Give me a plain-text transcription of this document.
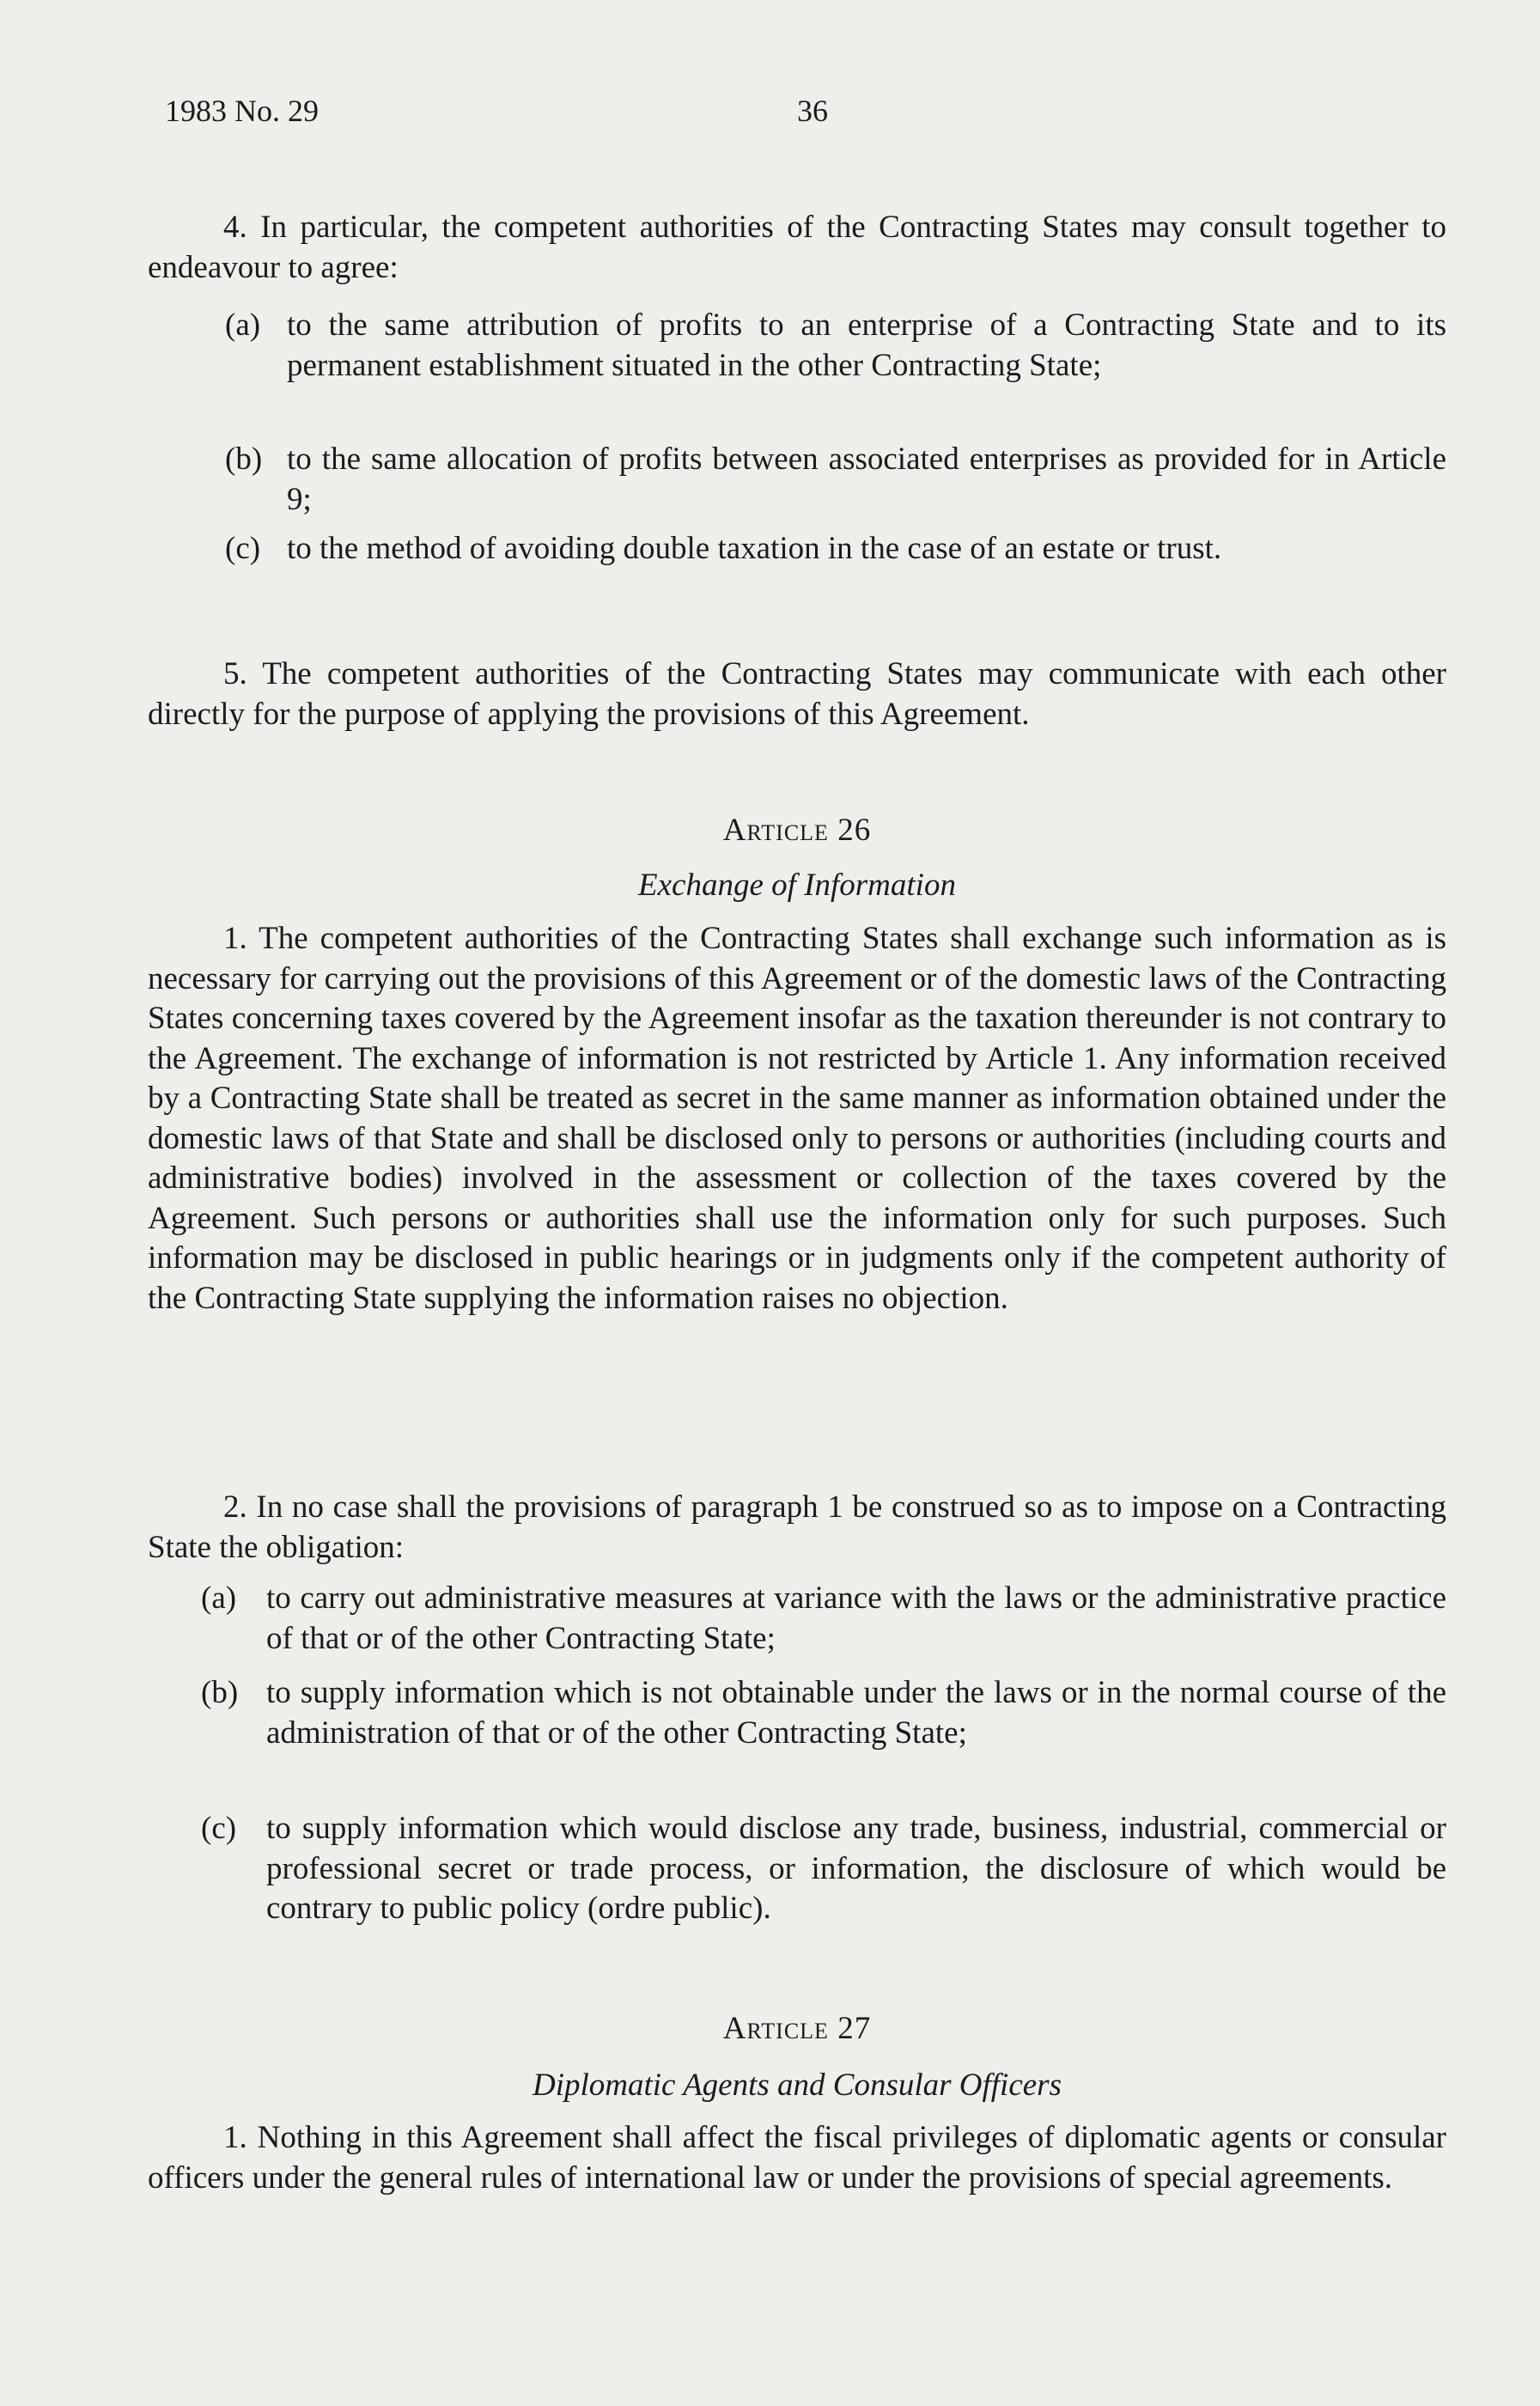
1983 No. 29	36

4. In particular, the competent authorities of the Contracting States may consult together to endeavour to agree:

(a) to the same attribution of profits to an enterprise of a Contracting State and to its permanent establishment situated in the other Contracting State;
(b) to the same allocation of profits between associated enterprises as provided for in Article 9;
(c) to the method of avoiding double taxation in the case of an estate or trust.

5. The competent authorities of the Contracting States may communicate with each other directly for the purpose of applying the provisions of this Agreement.

Article 26
Exchange of Information

1. The competent authorities of the Contracting States shall exchange such information as is necessary for carrying out the provisions of this Agreement or of the domestic laws of the Contracting States concerning taxes covered by the Agreement insofar as the taxation thereunder is not contrary to the Agreement. The exchange of information is not restricted by Article 1. Any information received by a Contracting State shall be treated as secret in the same manner as information obtained under the domestic laws of that State and shall be disclosed only to persons or authorities (including courts and administrative bodies) involved in the assessment or collection of the taxes covered by the Agreement. Such persons or authorities shall use the information only for such purposes. Such information may be disclosed in public hearings or in judgments only if the competent authority of the Contracting State supplying the information raises no objection.

2. In no case shall the provisions of paragraph 1 be construed so as to impose on a Contracting State the obligation:

(a) to carry out administrative measures at variance with the laws or the administrative practice of that or of the other Contracting State;
(b) to supply information which is not obtainable under the laws or in the normal course of the administration of that or of the other Contracting State;
(c) to supply information which would disclose any trade, business, industrial, commercial or professional secret or trade process, or information, the disclosure of which would be contrary to public policy (ordre public).
Article 27
Diplomatic Agents and Consular Officers

1. Nothing in this Agreement shall affect the fiscal privileges of diplomatic agents or consular officers under the general rules of international law or under the provisions of special agreements.
